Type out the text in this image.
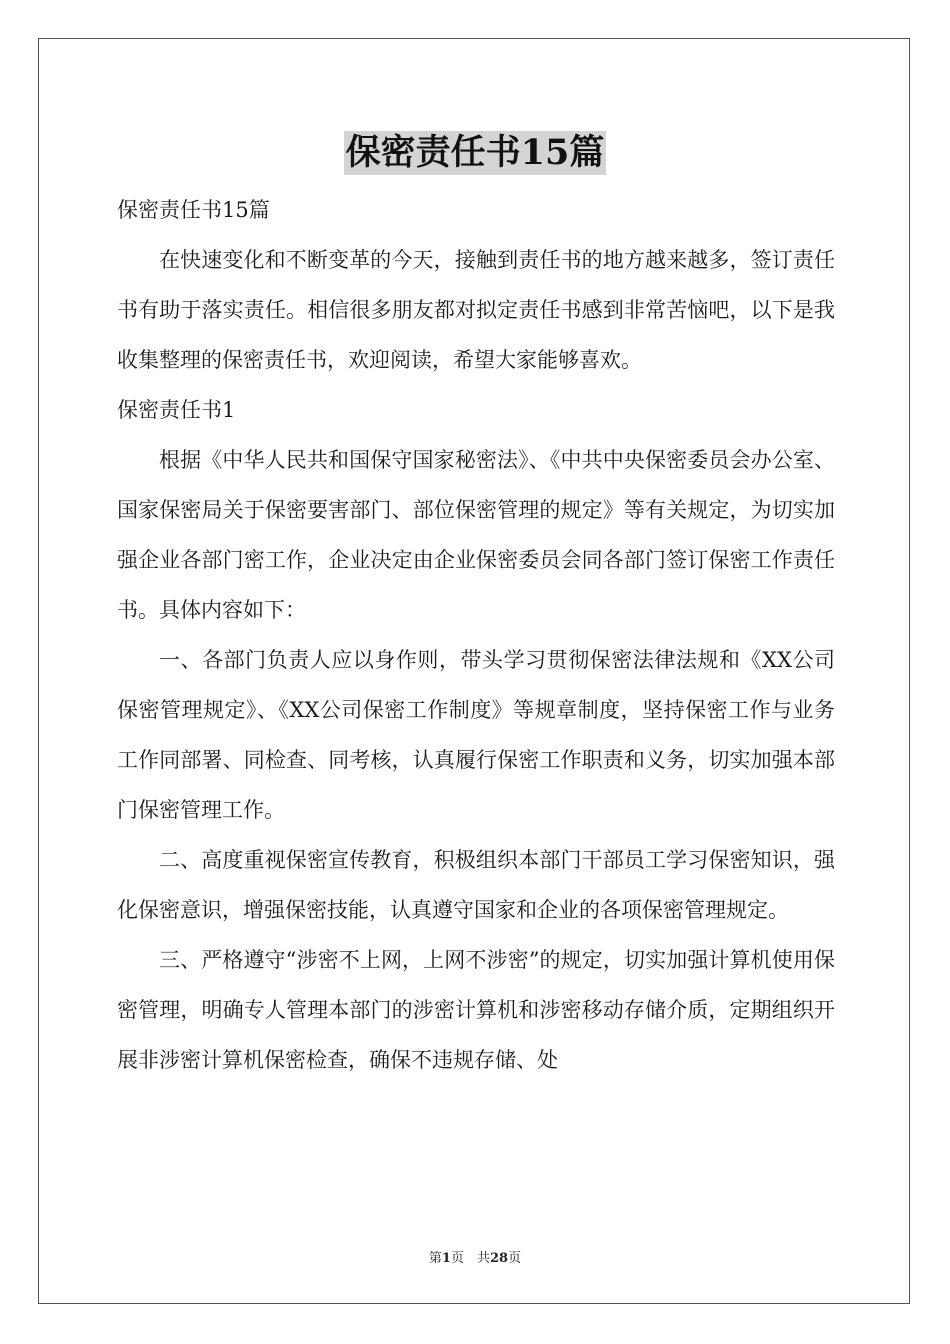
保密责任书15篇

保密责任书15篇

在快速变化和不断变革的今天，接触到责任书的地方越来越多，签订责任书有助于落实责任。相信很多朋友都对拟定责任书感到非常苦恼吧，以下是我收集整理的保密责任书，欢迎阅读，希望大家能够喜欢。

保密责任书1

根据《中华人民共和国保守国家秘密法》、《中共中央保密委员会办公室、国家保密局关于保密要害部门、部位保密管理的规定》等有关规定，为切实加强企业各部门密工作，企业决定由企业保密委员会同各部门签订保密工作责任书。具体内容如下：

一、各部门负责人应以身作则，带头学习贯彻保密法律法规和《XX公司保密管理规定》、《XX公司保密工作制度》等规章制度，坚持保密工作与业务工作同部署、同检查、同考核，认真履行保密工作职责和义务，切实加强本部门保密管理工作。

二、高度重视保密宣传教育，积极组织本部门干部员工学习保密知识，强化保密意识，增强保密技能，认真遵守国家和企业的各项保密管理规定。

三、严格遵守“涉密不上网，上网不涉密”的规定，切实加强计算机使用保密管理，明确专人管理本部门的涉密计算机和涉密移动存储介质，定期组织开展非涉密计算机保密检查，确保不违规存储、处

第1页　共28页
